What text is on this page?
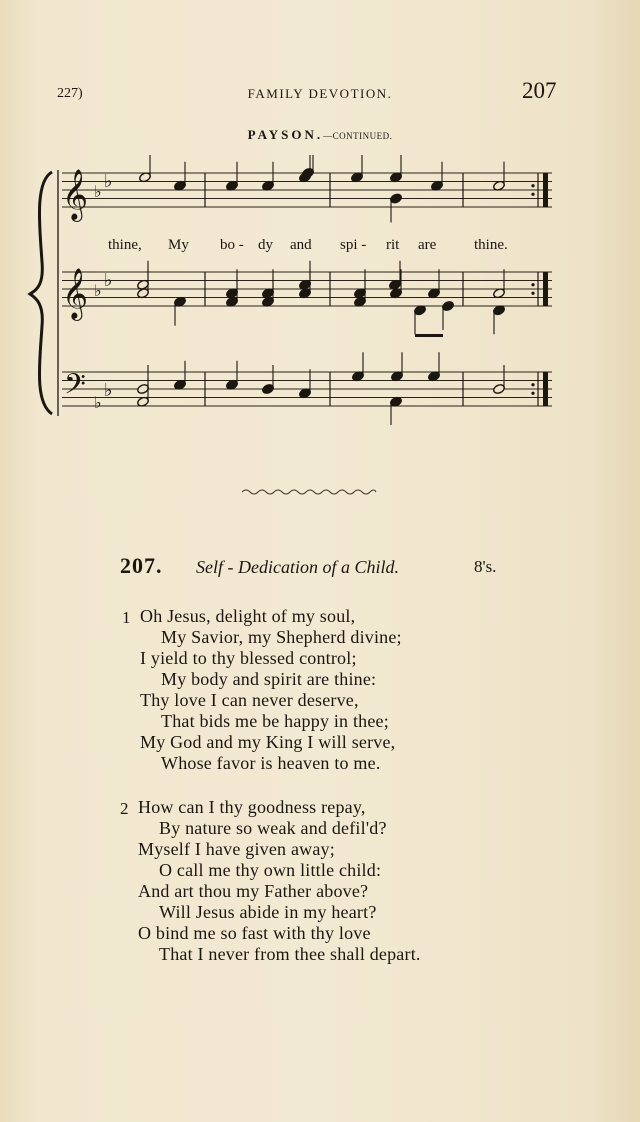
227)	FAMILY DEVOTION.	207
PAYSON.—CONTINUED.
𝄞 ♭
♭
𝄞 ♭
♭
𝄢 ♭
♭
thine, My bo - dy and spi - rit are	thine.
207. Self - Dedication of a Child.	8's.
1 Oh Jesus, delight of my soul,
My Savior, my Shepherd divine;
I yield to thy blessed control;
My body and spirit are thine:
Thy love I can never deserve,
That bids me be happy in thee;
My God and my King I will serve,
Whose favor is heaven to me.
2 How can I thy goodness repay,
By nature so weak and defil'd?
Myself I have given away;
O call me thy own little child:
And art thou my Father above?
Will Jesus abide in my heart?
O bind me so fast with thy love
That I never from thee shall depart.
